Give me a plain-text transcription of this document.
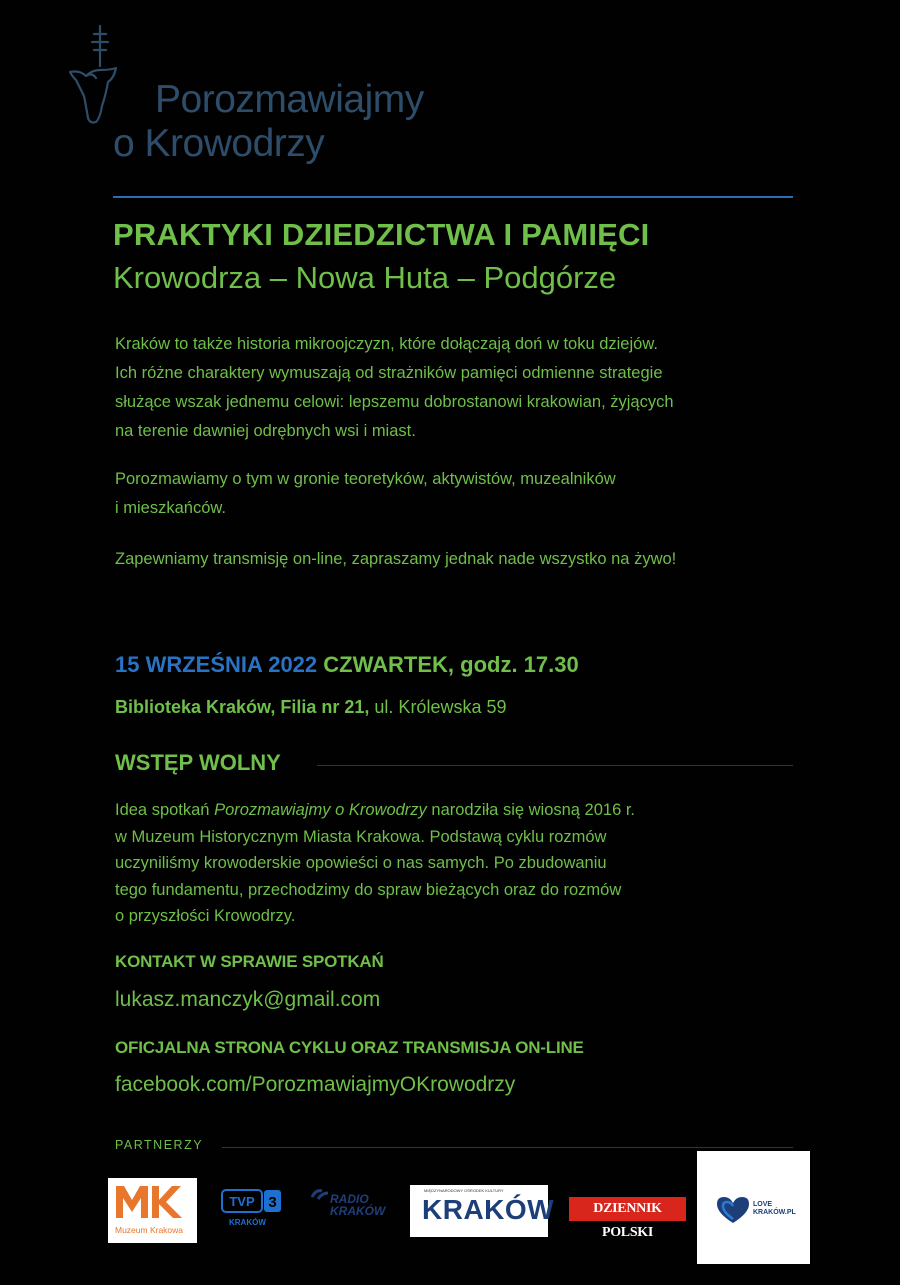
Porozmawiajmy
o Krowodrzy
PRAKTYKI DZIEDZICTWA I PAMIĘCI
Krowodrza – Nowa Huta – Podgórze
Kraków to także historia mikroojczyzn, które dołączają doń w toku dziejów.
Ich różne charaktery wymuszają od strażników pamięci odmienne strategie
służące wszak jednemu celowi: lepszemu dobrostanowi krakowian, żyjących
na terenie dawniej odrębnych wsi i miast.
Porozmawiamy o tym w gronie teoretyków, aktywistów, muzealników
i mieszkańców.
Zapewniamy transmisję on-line, zapraszamy jednak nade wszystko na żywo!
15 WRZEŚNIA 2022 CZWARTEK, godz. 17.30
Biblioteka Kraków, Filia nr 21, ul. Królewska 59
WSTĘP WOLNY
Idea spotkań Porozmawiajmy o Krowodrzy narodziła się wiosną 2016 r.
w Muzeum Historycznym Miasta Krakowa. Podstawą cyklu rozmów
uczyniliśmy krowoderskie opowieści o nas samych. Po zbudowaniu
tego fundamentu, przechodzimy do spraw bieżących oraz do rozmów
o przyszłości Krowodrzy.
KONTAKT W SPRAWIE SPOTKAŃ
lukasz.manczyk@gmail.com
OFICJALNA STRONA CYKLU ORAZ TRANSMISJA ON-LINE
facebook.com/PorozmawiajmyOKrowodrzy
PARTNERZY
Muzeum Krakowa
TVP 3
KRAKÓW
RADIO
KRAKÓW
MIĘDZYNARODOWY OŚRODEK KULTURY
KRAKÓW	DZIENNIK POLSKI
LOVE
KRAKÓW.PL
